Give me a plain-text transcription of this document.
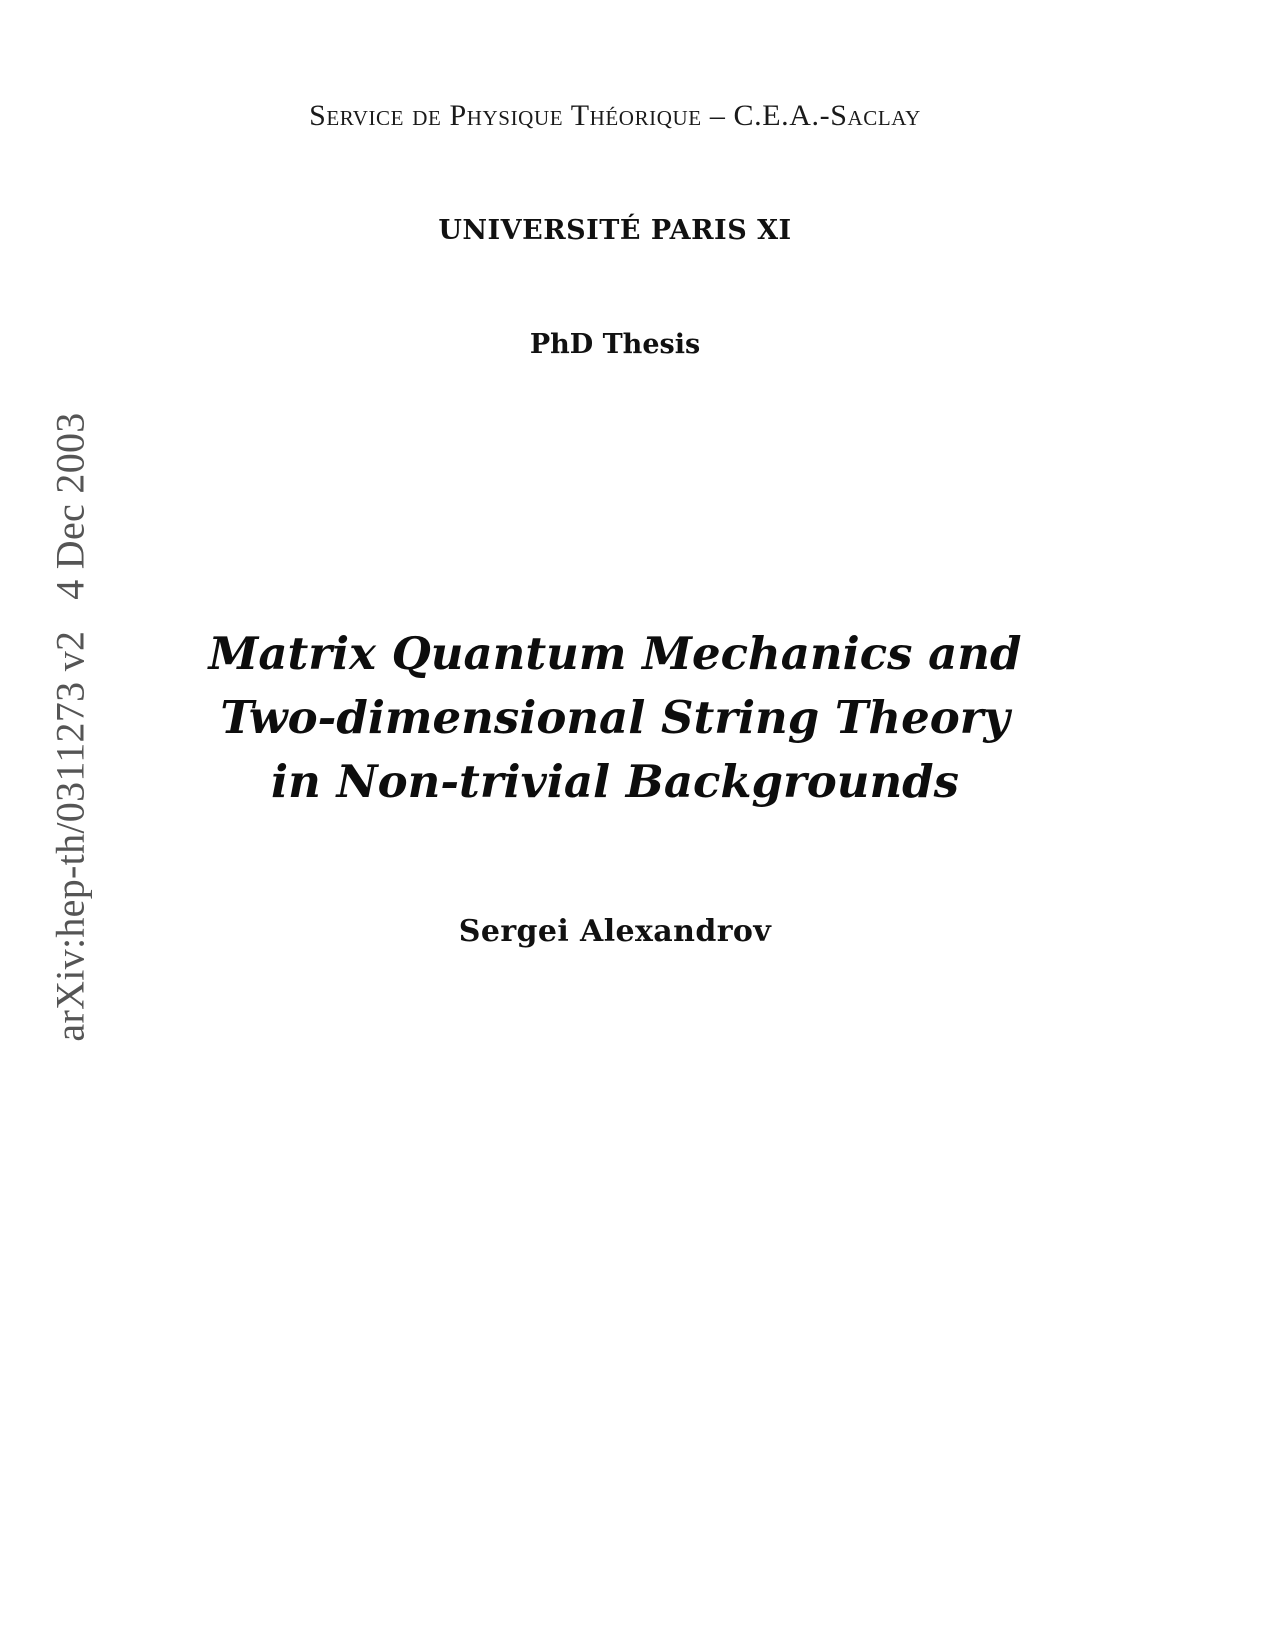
arXiv:hep-th/0311273 v2   4 Dec 2003
Service de Physique Théorique – C.E.A.-Saclay
UNIVERSITÉ PARIS XI
PhD Thesis
Matrix Quantum Mechanics and
Two-dimensional String Theory
in Non-trivial Backgrounds
Sergei Alexandrov
